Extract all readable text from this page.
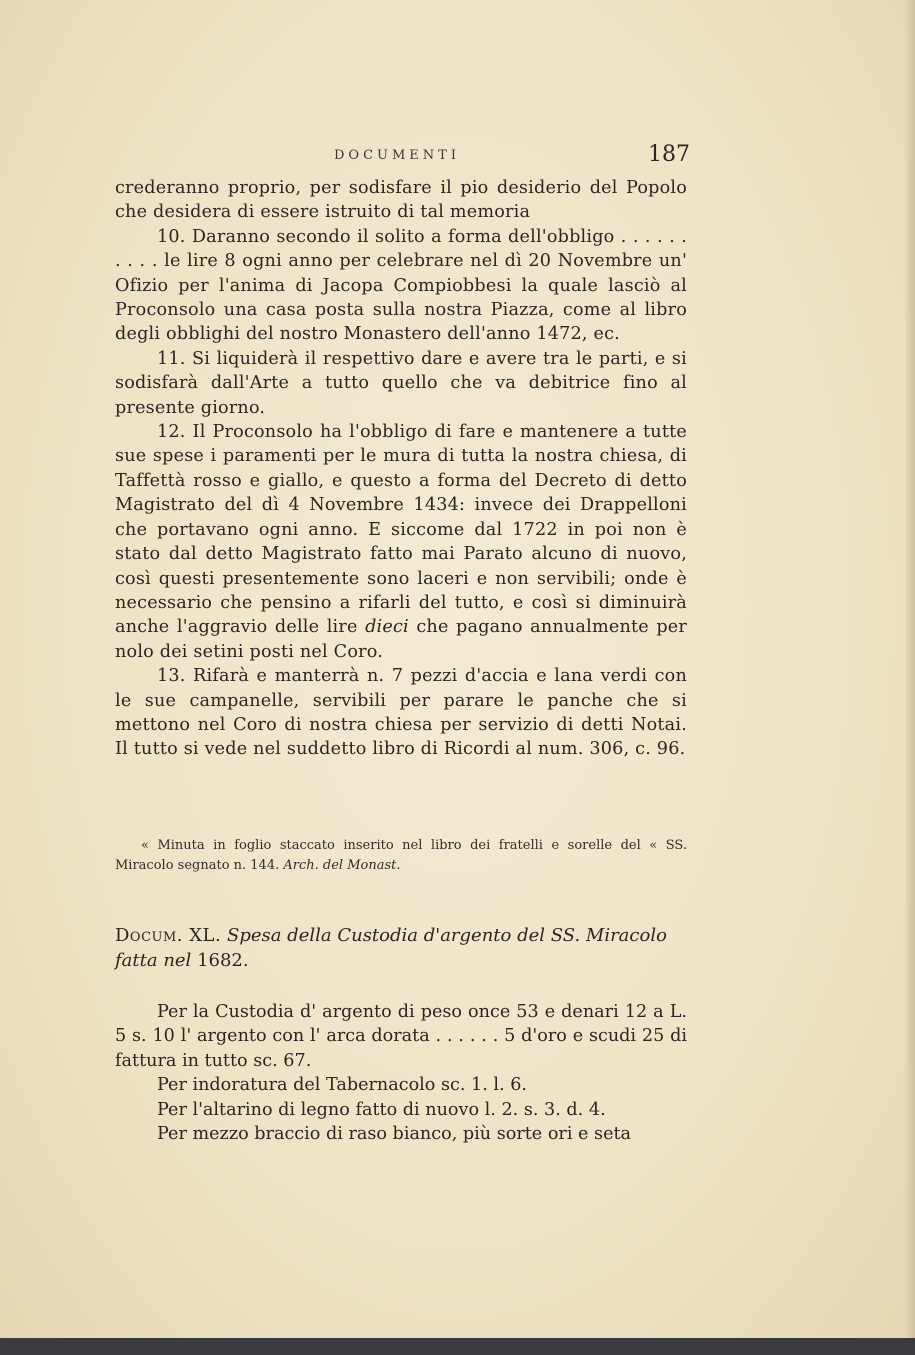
DOCUMENTI	187

crederanno proprio, per sodisfare il pio desiderio del Popolo che desidera di essere istruito di tal memoria

10. Daranno secondo il solito a forma dell'obbligo . . . . . . . . . . le lire 8 ogni anno per celebrare nel dì 20 Novembre un' Ofizio per l'anima di Jacopa Compiobbesi la quale lasciò al Proconsolo una casa posta sulla nostra Piazza, come al libro degli obblighi del nostro Monastero dell'anno 1472, ec.

11. Si liquiderà il respettivo dare e avere tra le parti, e si sodisfarà dall'Arte a tutto quello che va debitrice fino al presente giorno.

12. Il Proconsolo ha l'obbligo di fare e mantenere a tutte sue spese i paramenti per le mura di tutta la nostra chiesa, di Taffettà rosso e giallo, e questo a forma del Decreto di detto Magistrato del dì 4 Novembre 1434: invece dei Drappelloni che portavano ogni anno. E siccome dal 1722 in poi non è stato dal detto Magistrato fatto mai Parato alcuno di nuovo, così questi presentemente sono laceri e non servibili; onde è necessario che pensino a rifarli del tutto, e così si diminuirà anche l'aggravio delle lire dieci che pagano annualmente per nolo dei setini posti nel Coro.

13. Rifarà e manterrà n. 7 pezzi d'accia e lana verdi con le sue campanelle, servibili per parare le panche che si mettono nel Coro di nostra chiesa per servizio di detti Notai. Il tutto si vede nel suddetto libro di Ricordi al num. 306, c. 96.

« Minuta in foglio staccato inserito nel libro dei fratelli e sorelle del « SS. Miracolo segnato n. 144. Arch. del Monast.

Docum. XL. Spesa della Custodia d'argento del SS. Miracolo fatta nel 1682.

Per la Custodia d' argento di peso once 53 e denari 12 a L. 5 s. 10 l' argento con l' arca dorata . . . . . . 5 d'oro e scudi 25 di fattura in tutto sc. 67.

Per indoratura del Tabernacolo sc. 1. l. 6.

Per l'altarino di legno fatto di nuovo l. 2. s. 3. d. 4.

Per mezzo braccio di raso bianco, più sorte ori e seta
